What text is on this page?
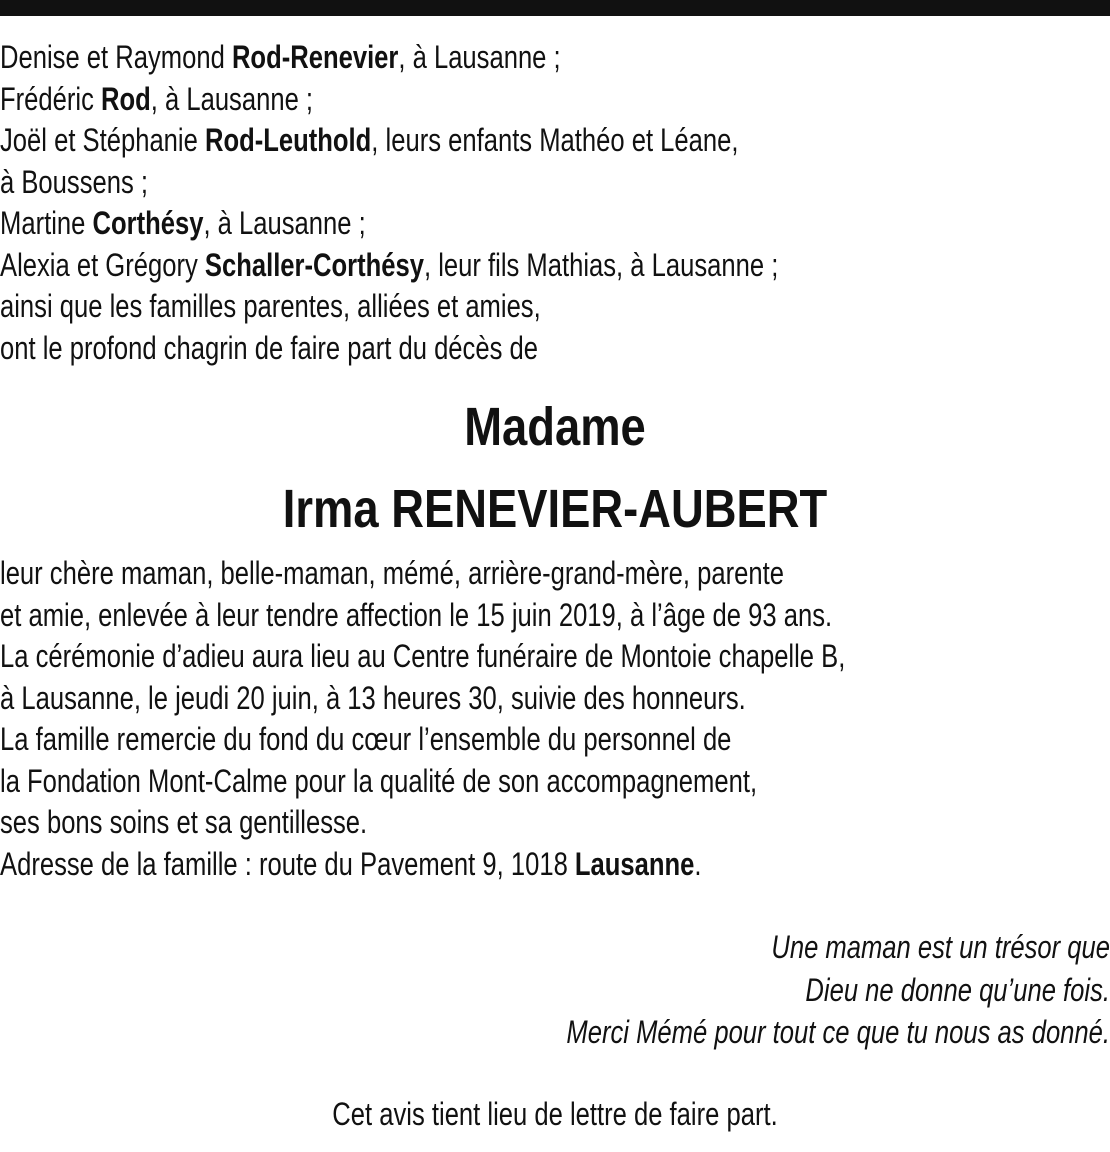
Denise et Raymond Rod-Renevier, à Lausanne ;
Frédéric Rod, à Lausanne ;
Joël et Stéphanie Rod-Leuthold, leurs enfants Mathéo et Léane,
à Boussens ;
Martine Corthésy, à Lausanne ;
Alexia et Grégory Schaller-Corthésy, leur fils Mathias, à Lausanne ;
ainsi que les familles parentes, alliées et amies,
ont le profond chagrin de faire part du décès de
Madame
Irma RENEVIER-AUBERT
leur chère maman, belle-maman, mémé, arrière-grand-mère, parente
et amie, enlevée à leur tendre affection le 15 juin 2019, à l’âge de 93 ans.
La cérémonie d’adieu aura lieu au Centre funéraire de Montoie chapelle B,
à Lausanne, le jeudi 20 juin, à 13 heures 30, suivie des honneurs.
La famille remercie du fond du cœur l’ensemble du personnel de
la Fondation Mont-Calme pour la qualité de son accompagnement,
ses bons soins et sa gentillesse.
Adresse de la famille : route du Pavement 9, 1018 Lausanne.
Une maman est un trésor que
Dieu ne donne qu’une fois.
Merci Mémé pour tout ce que tu nous as donné.
Cet avis tient lieu de lettre de faire part.
